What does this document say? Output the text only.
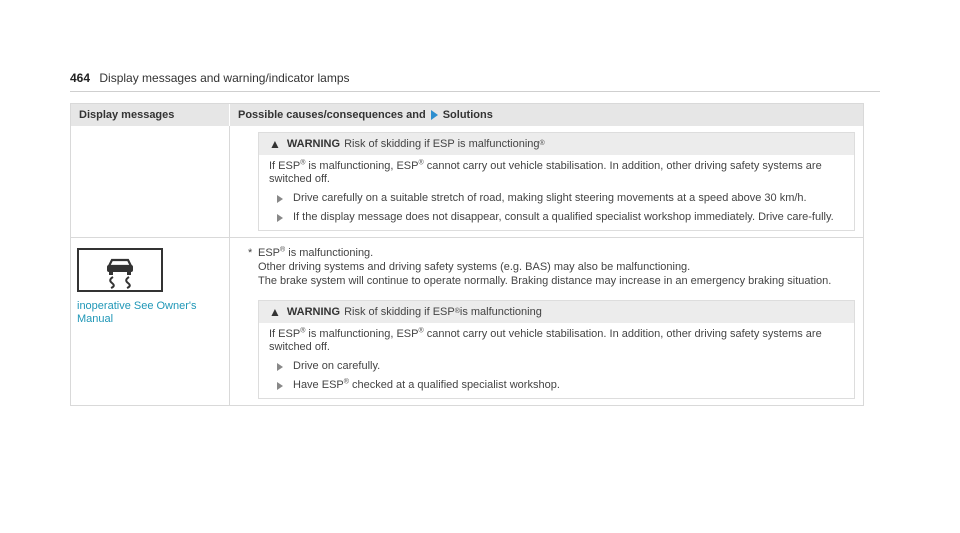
464 Display messages and warning/indicator lamps
Display messages	Possible causes/consequences and Solutions
▲ WARNING Risk of skidding if ESP is malfunctioning ®

If ESP® is malfunctioning, ESP® cannot carry out vehicle stabilisation. In addition, other driving safety systems are switched off.

Drive carefully on a suitable stretch of road, making slight steering movements at a speed above 30 km/h.
If the display message does not disappear, consult a qualified specialist workshop immediately. Drive care-fully.
inoperative See Owner's Manual
* ESP® is malfunctioning.
Other driving systems and driving safety systems (e.g. BAS) may also be malfunctioning.
The brake system will continue to operate normally. Braking distance may increase in an emergency braking situation.
▲ WARNING Risk of skidding if ESP ® is malfunctioning

If ESP® is malfunctioning, ESP® cannot carry out vehicle stabilisation. In addition, other driving safety systems are switched off.

Drive on carefully.
Have ESP® checked at a qualified specialist workshop.
